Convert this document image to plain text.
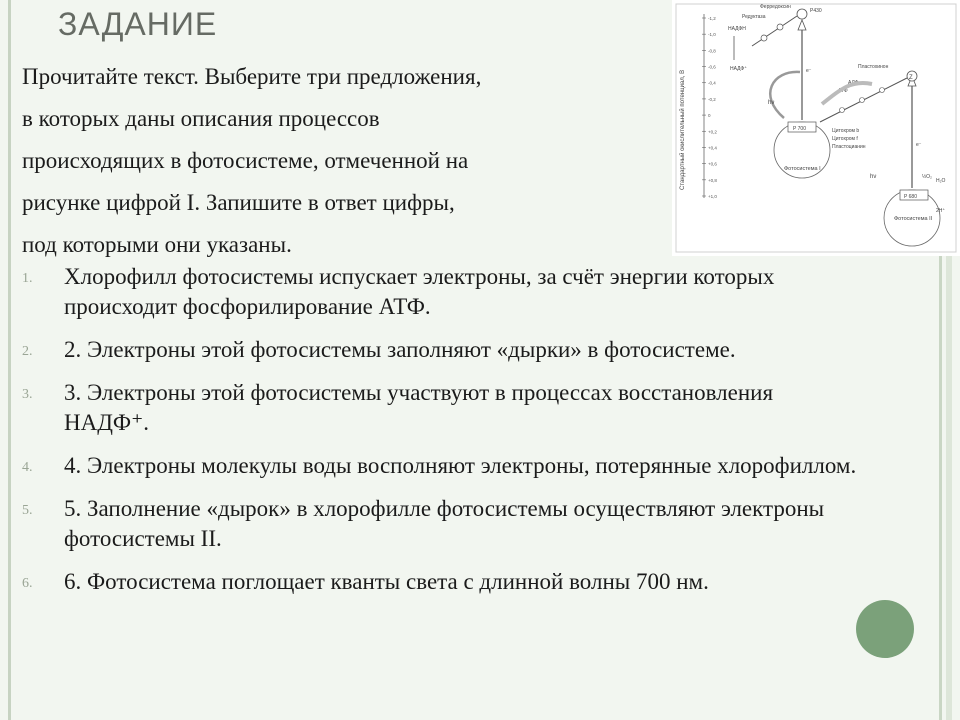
ЗАДАНИЕ
Прочитайте текст. Выберите три предложения,
в которых даны описания процессов
происходящих в фотосистеме, отмеченной на
рисунке цифрой I. Запишите в ответ цифры,
под которыми они указаны.
1. Хлорофилл фотосистемы испускает электроны, за счёт энергии которых происходит фосфорилирование АТФ.
2. 2. Электроны этой фотосистемы заполняют «дырки» в фотосистеме.
3. 3. Электроны этой фотосистемы участвуют в процессах восстановления НАДФ⁺.
4. 4. Электроны молекулы воды восполняют электроны, потерянные хлорофиллом.
5. 5. Заполнение «дырок» в хлорофилле фотосистемы осуществляют электроны фотосистемы II.
6. 6. Фотосистема поглощает кванты света с длинной волны 700 нм.
-1,2
-1,0
-0,8
-0,6
-0,4
-0,2
0
+0,2
+0,4
+0,6
+0,8
+1,0
Стандартный окислительный потенциал, В	Фотосистема I
P 700
Фотосистема II
P 680
P430
Ферредоксин
Редуктаза
НАДФН
НАДФ⁺
Z
Пластохинон
Цитохром b
Цитохром f
Пластоцианин
АТФ
АДФ
e⁻
e⁻
hν
hν
H₂O
½O₂
2H⁺
